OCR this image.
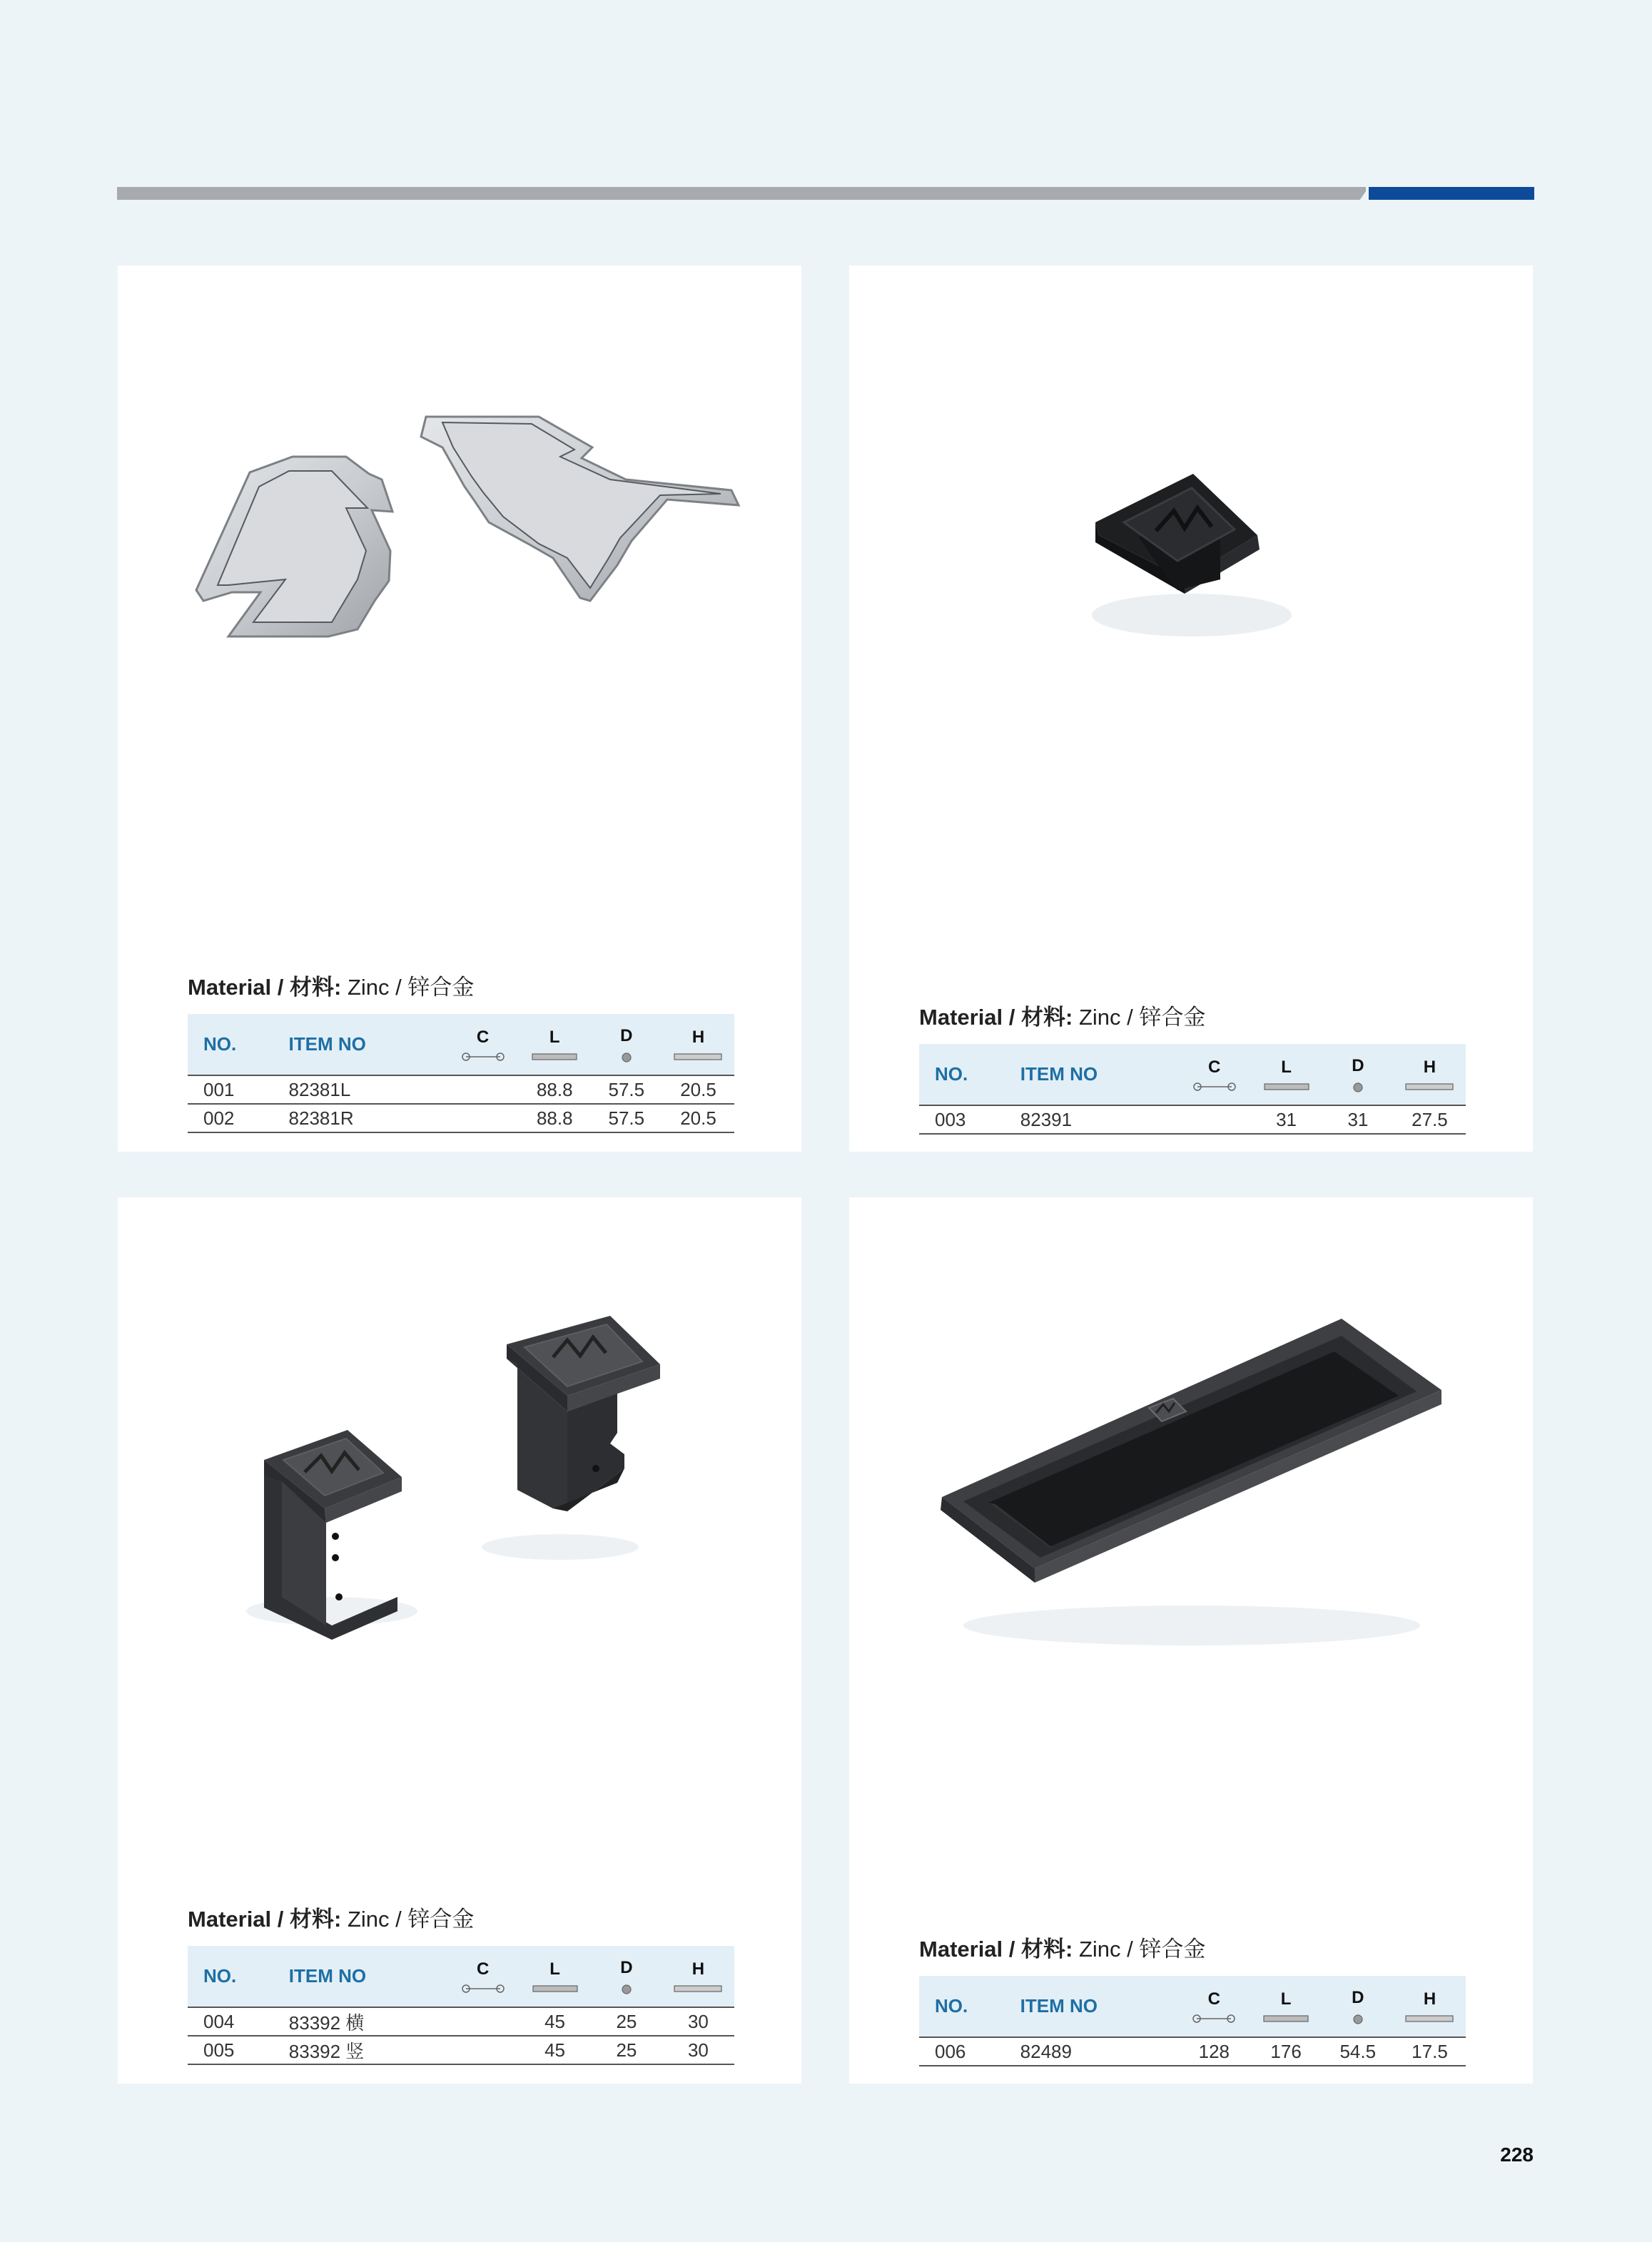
Material / 材料: Zinc / 锌合金
NO.	ITEM NO	C	L	D	H

001	82381L		88.8	57.5	20.5
002	82381R		88.8	57.5	20.5
Material / 材料: Zinc / 锌合金
NO.	ITEM NO	C	L	D	H

003	82391		31	31	27.5
Material / 材料: Zinc / 锌合金
NO.	ITEM NO	C	L	D	H

004	83392 横		45	25	30
005	83392 竖		45	25	30
Material / 材料: Zinc / 锌合金
NO.	ITEM NO	C	L	D	H

006	82489	128	176	54.5	17.5
228
